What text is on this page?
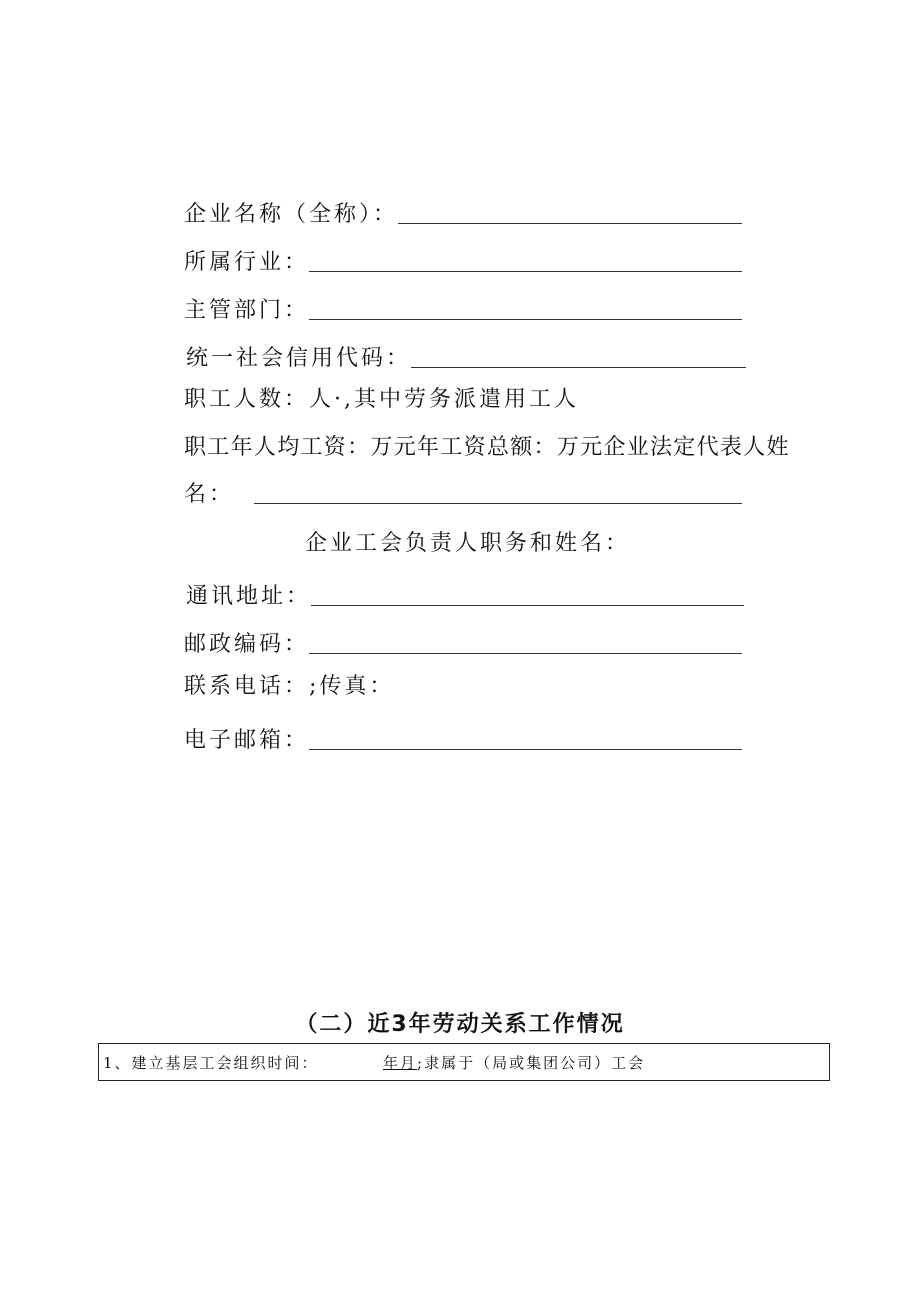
企业名称（全称）：
所属行业：
主管部门：
统一社会信用代码：
职工人数：人·,其中劳务派遣用工人
职工年人均工资：万元年工资总额：万元企业法定代表人姓
名：
企业工会负责人职务和姓名：
通讯地址：
邮政编码：
联系电话：;传真：
电子邮箱：
（二）近3年劳动关系工作情况
1、建立基层工会组织时间：	年月;隶属于（局或集团公司）工会
